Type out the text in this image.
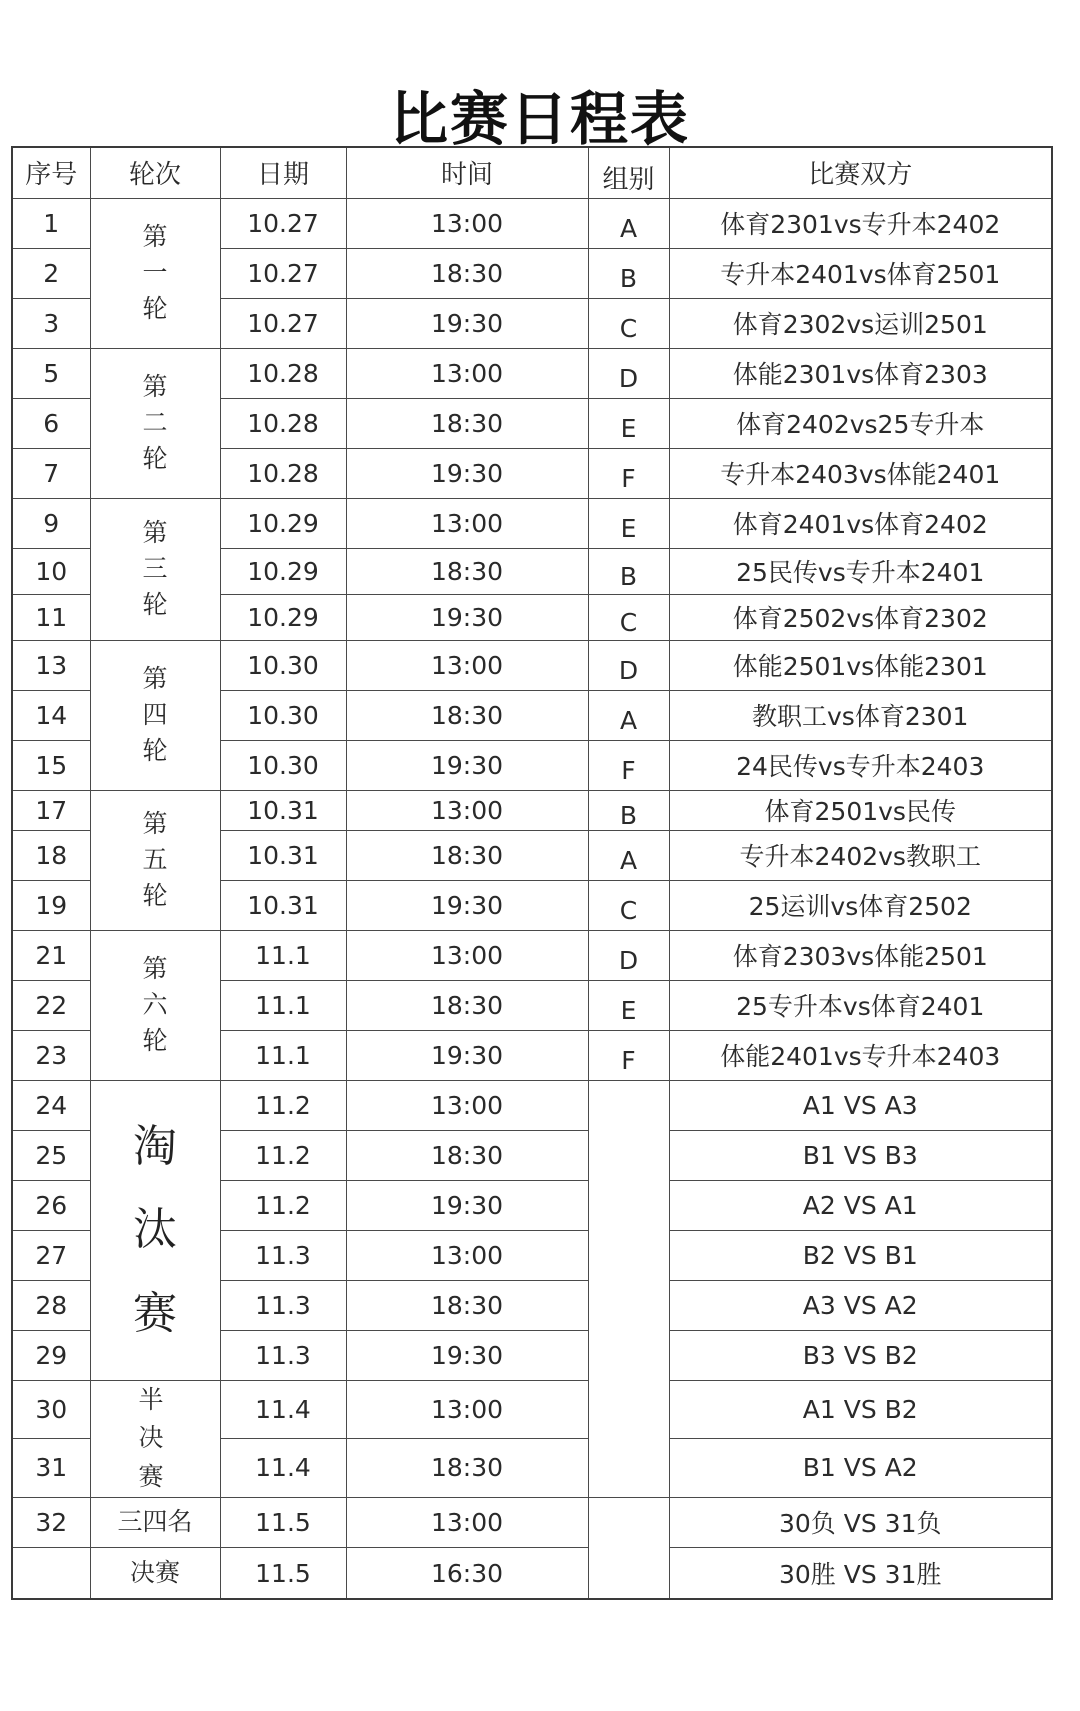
比赛日程表
序号	轮次	日期	时间	组别	比赛双方
1	第一轮	10.27	13:00	A	体育2301vs专升本2402
2		10.27	18:30	B	专升本2401vs体育2501
3		10.27	19:30	C	体育2302vs运训2501
5	第二轮	10.28	13:00	D	体能2301vs体育2303
6		10.28	18:30	E	体育2402vs25专升本
7		10.28	19:30	F	专升本2403vs体能2401
9	第三轮	10.29	13:00	E	体育2401vs体育2402
10		10.29	18:30	B	25民传vs专升本2401
11		10.29	19:30	C	体育2502vs体育2302
13	第四轮	10.30	13:00	D	体能2501vs体能2301
14		10.30	18:30	A	教职工vs体育2301
15		10.30	19:30	F	24民传vs专升本2403
17	第五轮	10.31	13:00	B	体育2501vs民传
18		10.31	18:30	A	专升本2402vs教职工
19		10.31	19:30	C	25运训vs体育2502
21	第六轮	11.1	13:00	D	体育2303vs体能2501
22		11.1	18:30	E	25专升本vs体育2401
23		11.1	19:30	F	体能2401vs专升本2403
24	淘汰赛	11.2	13:00		A1 VS A3
25		11.2	18:30		B1 VS B3
26		11.2	19:30		A2 VS A1
27		11.3	13:00		B2 VS B1
28		11.3	18:30		A3 VS A2
29		11.3	19:30		B3 VS B2
30	半决赛	11.4	13:00		A1 VS B2
31		11.4	18:30		B1 VS A2
32	三四名	11.5	13:00		30负 VS 31负
	决赛	11.5	16:30		30胜 VS 31胜
